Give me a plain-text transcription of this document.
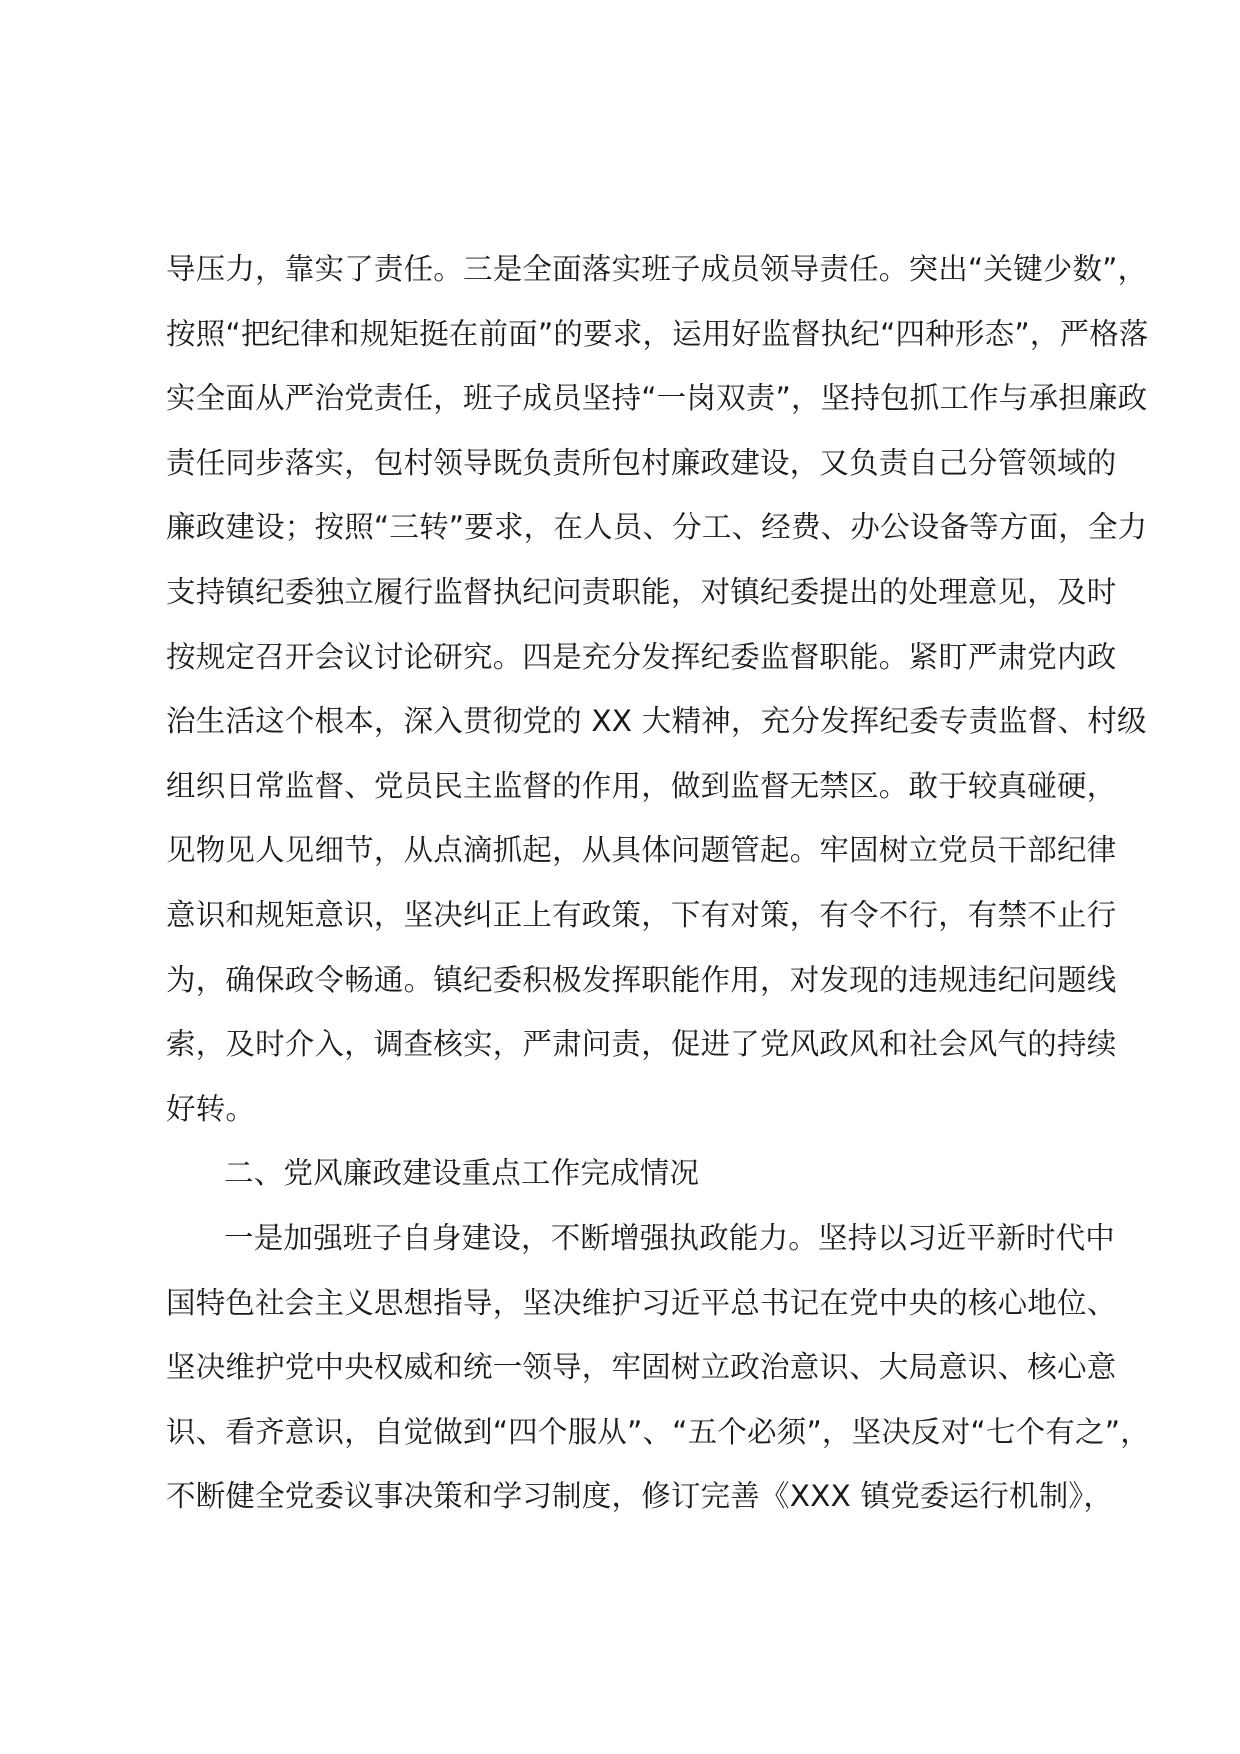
导压力，靠实了责任。三是全面落实班子成员领导责任。突出“关键少数”，
按照“把纪律和规矩挺在前面”的要求，运用好监督执纪“四种形态”，严格落
实全面从严治党责任，班子成员坚持“一岗双责”，坚持包抓工作与承担廉政
责任同步落实，包村领导既负责所包村廉政建设，又负责自己分管领域的
廉政建设；按照“三转”要求，在人员、分工、经费、办公设备等方面，全力
支持镇纪委独立履行监督执纪问责职能，对镇纪委提出的处理意见，及时
按规定召开会议讨论研究。四是充分发挥纪委监督职能。紧盯严肃党内政
治生活这个根本，深入贯彻党的 XX 大精神，充分发挥纪委专责监督、村级
组织日常监督、党员民主监督的作用，做到监督无禁区。敢于较真碰硬，
见物见人见细节，从点滴抓起，从具体问题管起。牢固树立党员干部纪律
意识和规矩意识，坚决纠正上有政策，下有对策，有令不行，有禁不止行
为，确保政令畅通。镇纪委积极发挥职能作用，对发现的违规违纪问题线
索，及时介入，调查核实，严肃问责，促进了党风政风和社会风气的持续
好转。
二、党风廉政建设重点工作完成情况
一是加强班子自身建设，不断增强执政能力。坚持以习近平新时代中
国特色社会主义思想指导，坚决维护习近平总书记在党中央的核心地位、
坚决维护党中央权威和统一领导，牢固树立政治意识、大局意识、核心意
识、看齐意识，自觉做到“四个服从”、“五个必须”，坚决反对“七个有之”，
不断健全党委议事决策和学习制度，修订完善《XXX 镇党委运行机制》，
